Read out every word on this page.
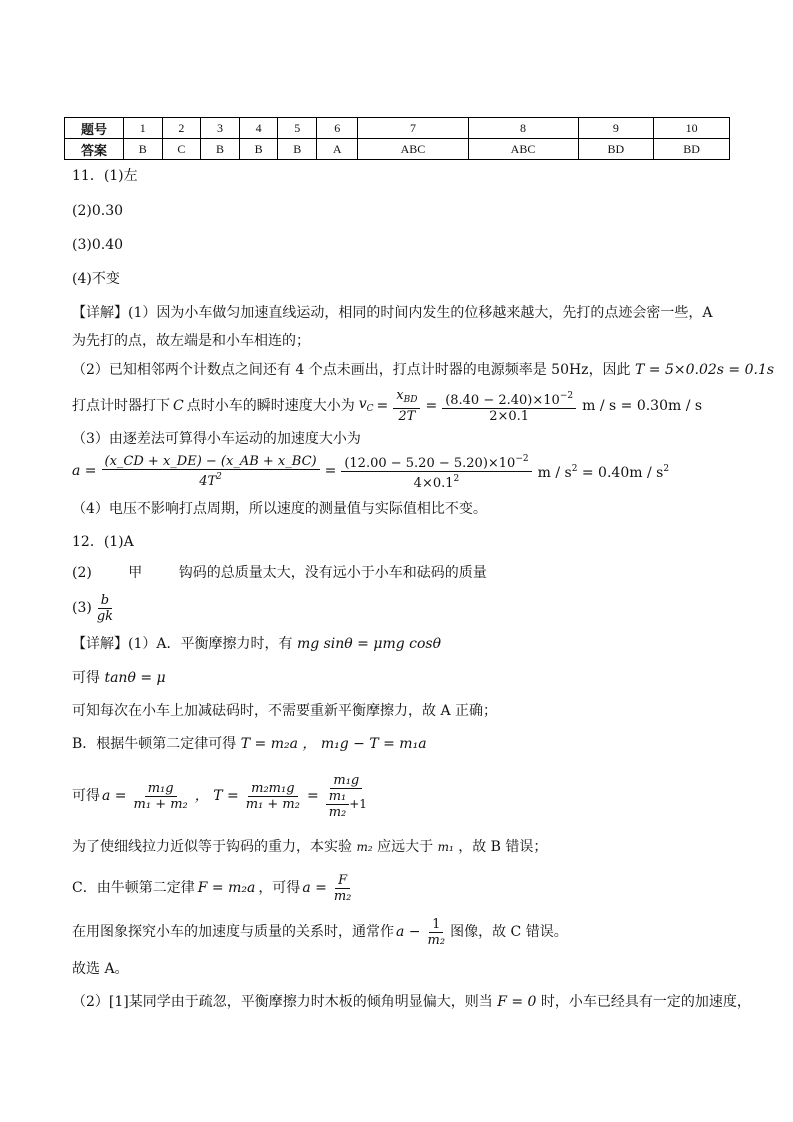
题号	1	2	3	4	5	6	7	8	9	10
答案	B	C	B	B	B	A	ABC	ABC	BD	BD
11．(1)左
(2)0.30
(3)0.40
(4)不变
【详解】(1）因为小车做匀加速直线运动，相同的时间内发生的位移越来越大，先打的点迹会密一些，A
为先打的点，故左端是和小车相连的；
（2）已知相邻两个计数点之间还有 4 个点未画出，打点计时器的电源频率是 50Hz，因此 T = 5×0.02s = 0.1s
打点计时器打下 C 点时小车的瞬时速度大小为 $v_C = \frac{x_{BD}}{2T} = \frac{(8.40 - 2.40)\times 10^{-2}}{2\times 0.1}$ m / s = 0.30m / s
（3）由逐差法可算得小车运动的加速度大小为
$a = \frac{(x\_CD + x\_DE) - (x\_AB + x\_BC)}{4T^2} = \frac{(12.00 - 5.20 - 5.20)\times 10^{-2}}{4\times 0.1^2}$ $m / s^2 = 0.40m / s^2$
（4）电压不影响打点周期，所以速度的测量值与实际值相比不变。
12．(1)A
(2)	甲	钩码的总质量太大，没有远小于小车和砝码的质量
$(3) \frac{b}{gk}$
【详解】(1）A．平衡摩擦力时，有 mg sinθ = μmg cosθ
可得 tanθ = μ
可知每次在小车上加减砝码时，不需要重新平衡摩擦力，故 A 正确；
B．根据牛顿第二定律可得 T = m₂a ， m₁g − T = m₁a
可得 $a = \frac{\text{m₁g}}{\text{m₁ + m₂}}$ ， $T = \frac{\text{m₂m₁g}}{\text{m₁ + m₂}} = \frac{\text{m₁g}}{\frac{\text{m₁}}{\text{m₂}} +1}$
为了使细线拉力近似等于钩码的重力，本实验 m₂ 应远大于 m₁ ，故 B 错误；
C．由牛顿第二定律 F = m₂a ，可得 $a = \frac{F}{\text{m₂}}$
在用图象探究小车的加速度与质量的关系时，通常作 $a - \frac{1}{\text{m₂}}$ 图像，故 C 错误。
故选 A。
（2）[1]某同学由于疏忽，平衡摩擦力时木板的倾角明显偏大，则当 F = 0 时，小车已经具有一定的加速度，
